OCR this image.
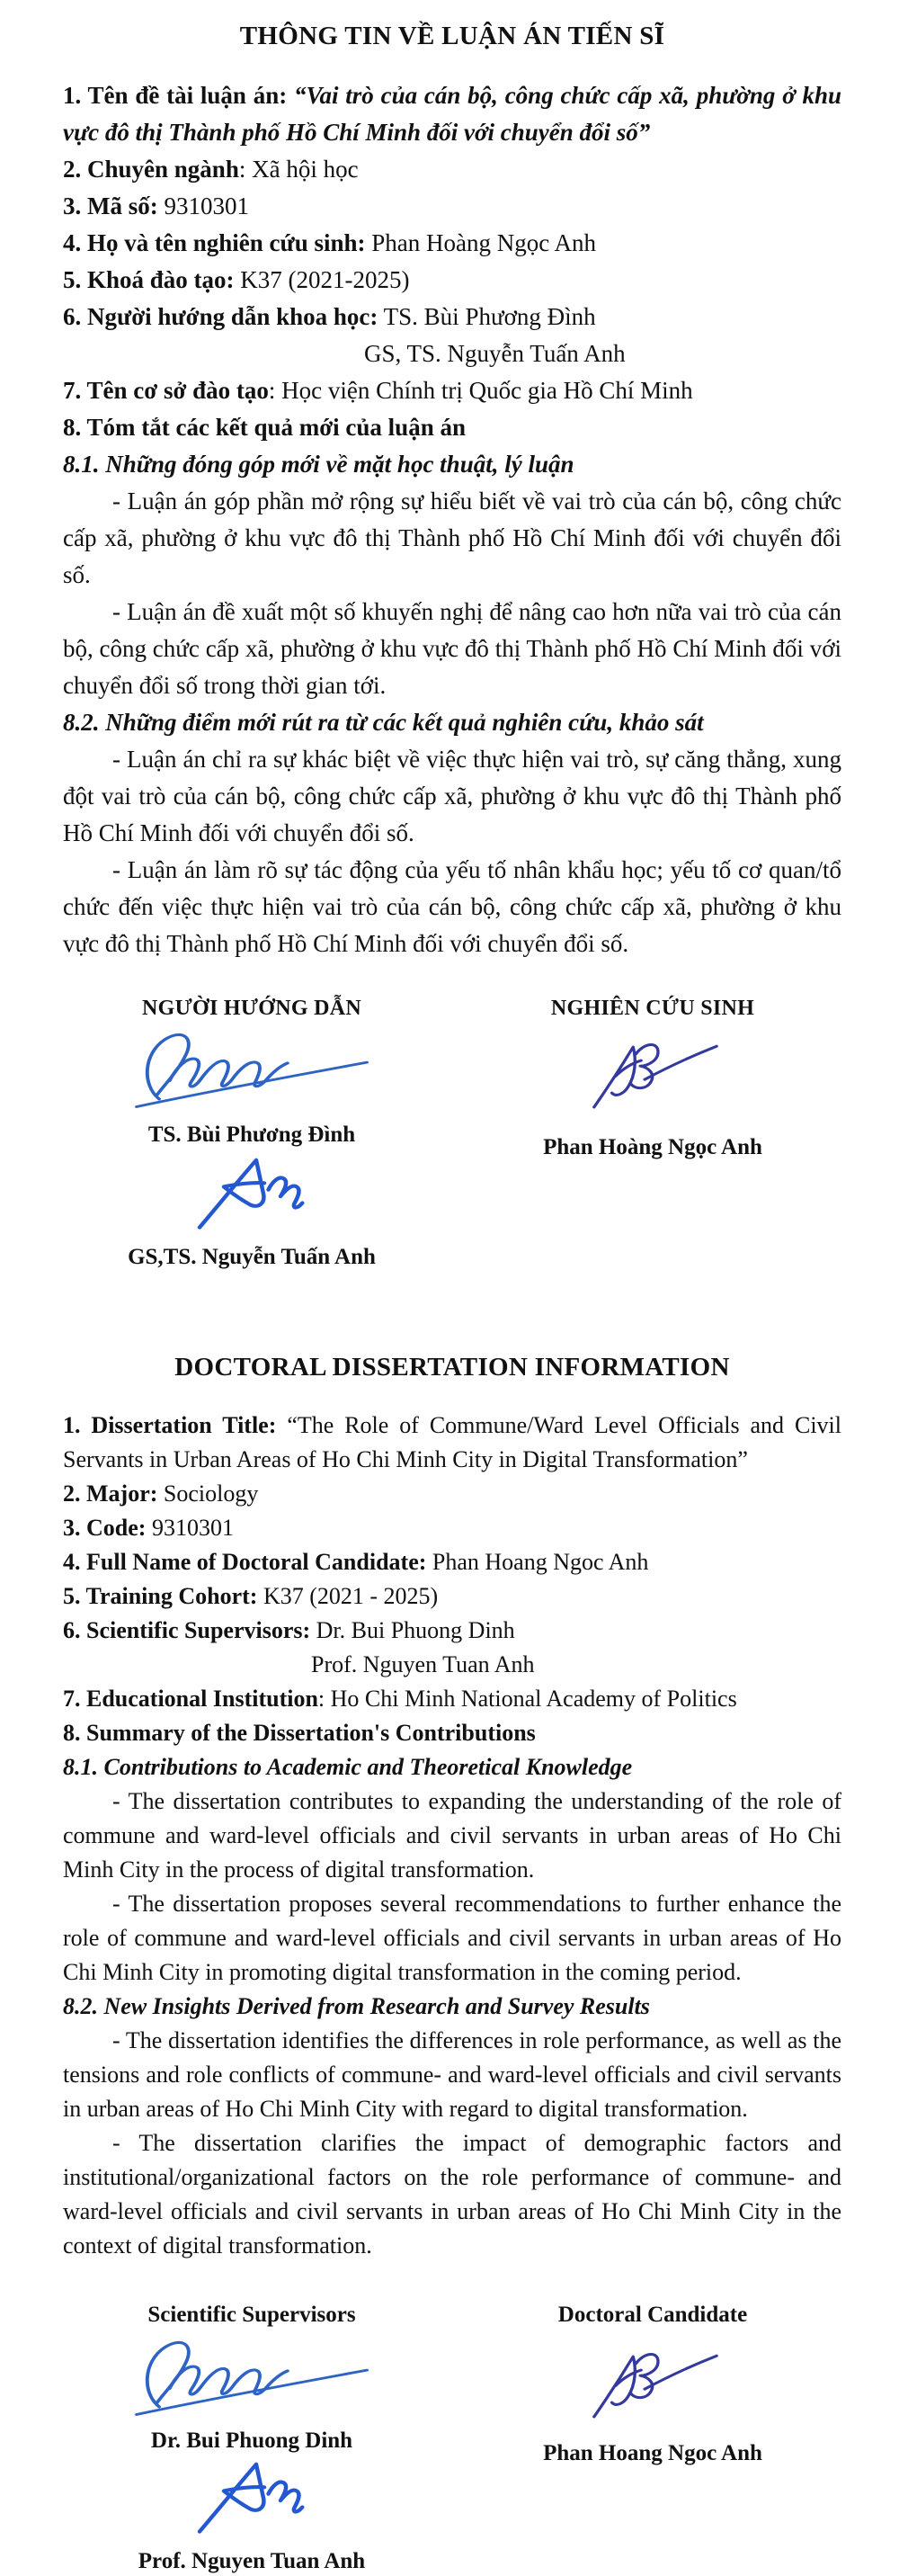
THÔNG TIN VỀ LUẬN ÁN TIẾN SĨ

1. Tên đề tài luận án: “Vai trò của cán bộ, công chức cấp xã, phường ở khu vực đô thị Thành phố Hồ Chí Minh đối với chuyển đổi số”

2. Chuyên ngành: Xã hội học

3. Mã số: 9310301

4. Họ và tên nghiên cứu sinh: Phan Hoàng Ngọc Anh

5. Khoá đào tạo: K37 (2021-2025)

6. Người hướng dẫn khoa học: TS. Bùi Phương Đình

GS, TS. Nguyễn Tuấn Anh

7. Tên cơ sở đào tạo: Học viện Chính trị Quốc gia Hồ Chí Minh

8. Tóm tắt các kết quả mới của luận án

8.1. Những đóng góp mới về mặt học thuật, lý luận

- Luận án góp phần mở rộng sự hiểu biết về vai trò của cán bộ, công chức cấp xã, phường ở khu vực đô thị Thành phố Hồ Chí Minh đối với chuyển đổi số.

- Luận án đề xuất một số khuyến nghị để nâng cao hơn nữa vai trò của cán bộ, công chức cấp xã, phường ở khu vực đô thị Thành phố Hồ Chí Minh đối với chuyển đổi số trong thời gian tới.

8.2. Những điểm mới rút ra từ các kết quả nghiên cứu, khảo sát

- Luận án chỉ ra sự khác biệt về việc thực hiện vai trò, sự căng thẳng, xung đột vai trò của cán bộ, công chức cấp xã, phường ở khu vực đô thị Thành phố Hồ Chí Minh đối với chuyển đổi số.

- Luận án làm rõ sự tác động của yếu tố nhân khẩu học; yếu tố cơ quan/tổ chức đến việc thực hiện vai trò của cán bộ, công chức cấp xã, phường ở khu vực đô thị Thành phố Hồ Chí Minh đối với chuyển đổi số.

NGƯỜI HƯỚNG DẪN
TS. Bùi Phương Đình
GS,TS. Nguyễn Tuấn Anh
NGHIÊN CỨU SINH
Phan Hoàng Ngọc Anh
DOCTORAL DISSERTATION INFORMATION

1. Dissertation Title: “The Role of Commune/Ward Level Officials and Civil Servants in Urban Areas of Ho Chi Minh City in Digital Transformation”

2. Major: Sociology

3. Code: 9310301

4. Full Name of Doctoral Candidate: Phan Hoang Ngoc Anh

5. Training Cohort: K37 (2021 - 2025)

6. Scientific Supervisors: Dr. Bui Phuong Dinh

Prof. Nguyen Tuan Anh

7. Educational Institution: Ho Chi Minh National Academy of Politics

8. Summary of the Dissertation's Contributions

8.1. Contributions to Academic and Theoretical Knowledge

- The dissertation contributes to expanding the understanding of the role of commune and ward-level officials and civil servants in urban areas of Ho Chi Minh City in the process of digital transformation.

- The dissertation proposes several recommendations to further enhance the role of commune and ward-level officials and civil servants in urban areas of Ho Chi Minh City in promoting digital transformation in the coming period.

8.2. New Insights Derived from Research and Survey Results

- The dissertation identifies the differences in role performance, as well as the tensions and role conflicts of commune- and ward-level officials and civil servants in urban areas of Ho Chi Minh City with regard to digital transformation.

- The dissertation clarifies the impact of demographic factors and institutional/organizational factors on the role performance of commune- and ward-level officials and civil servants in urban areas of Ho Chi Minh City in the context of digital transformation.

Scientific Supervisors
Dr. Bui Phuong Dinh
Prof. Nguyen Tuan Anh
Doctoral Candidate
Phan Hoang Ngoc Anh
